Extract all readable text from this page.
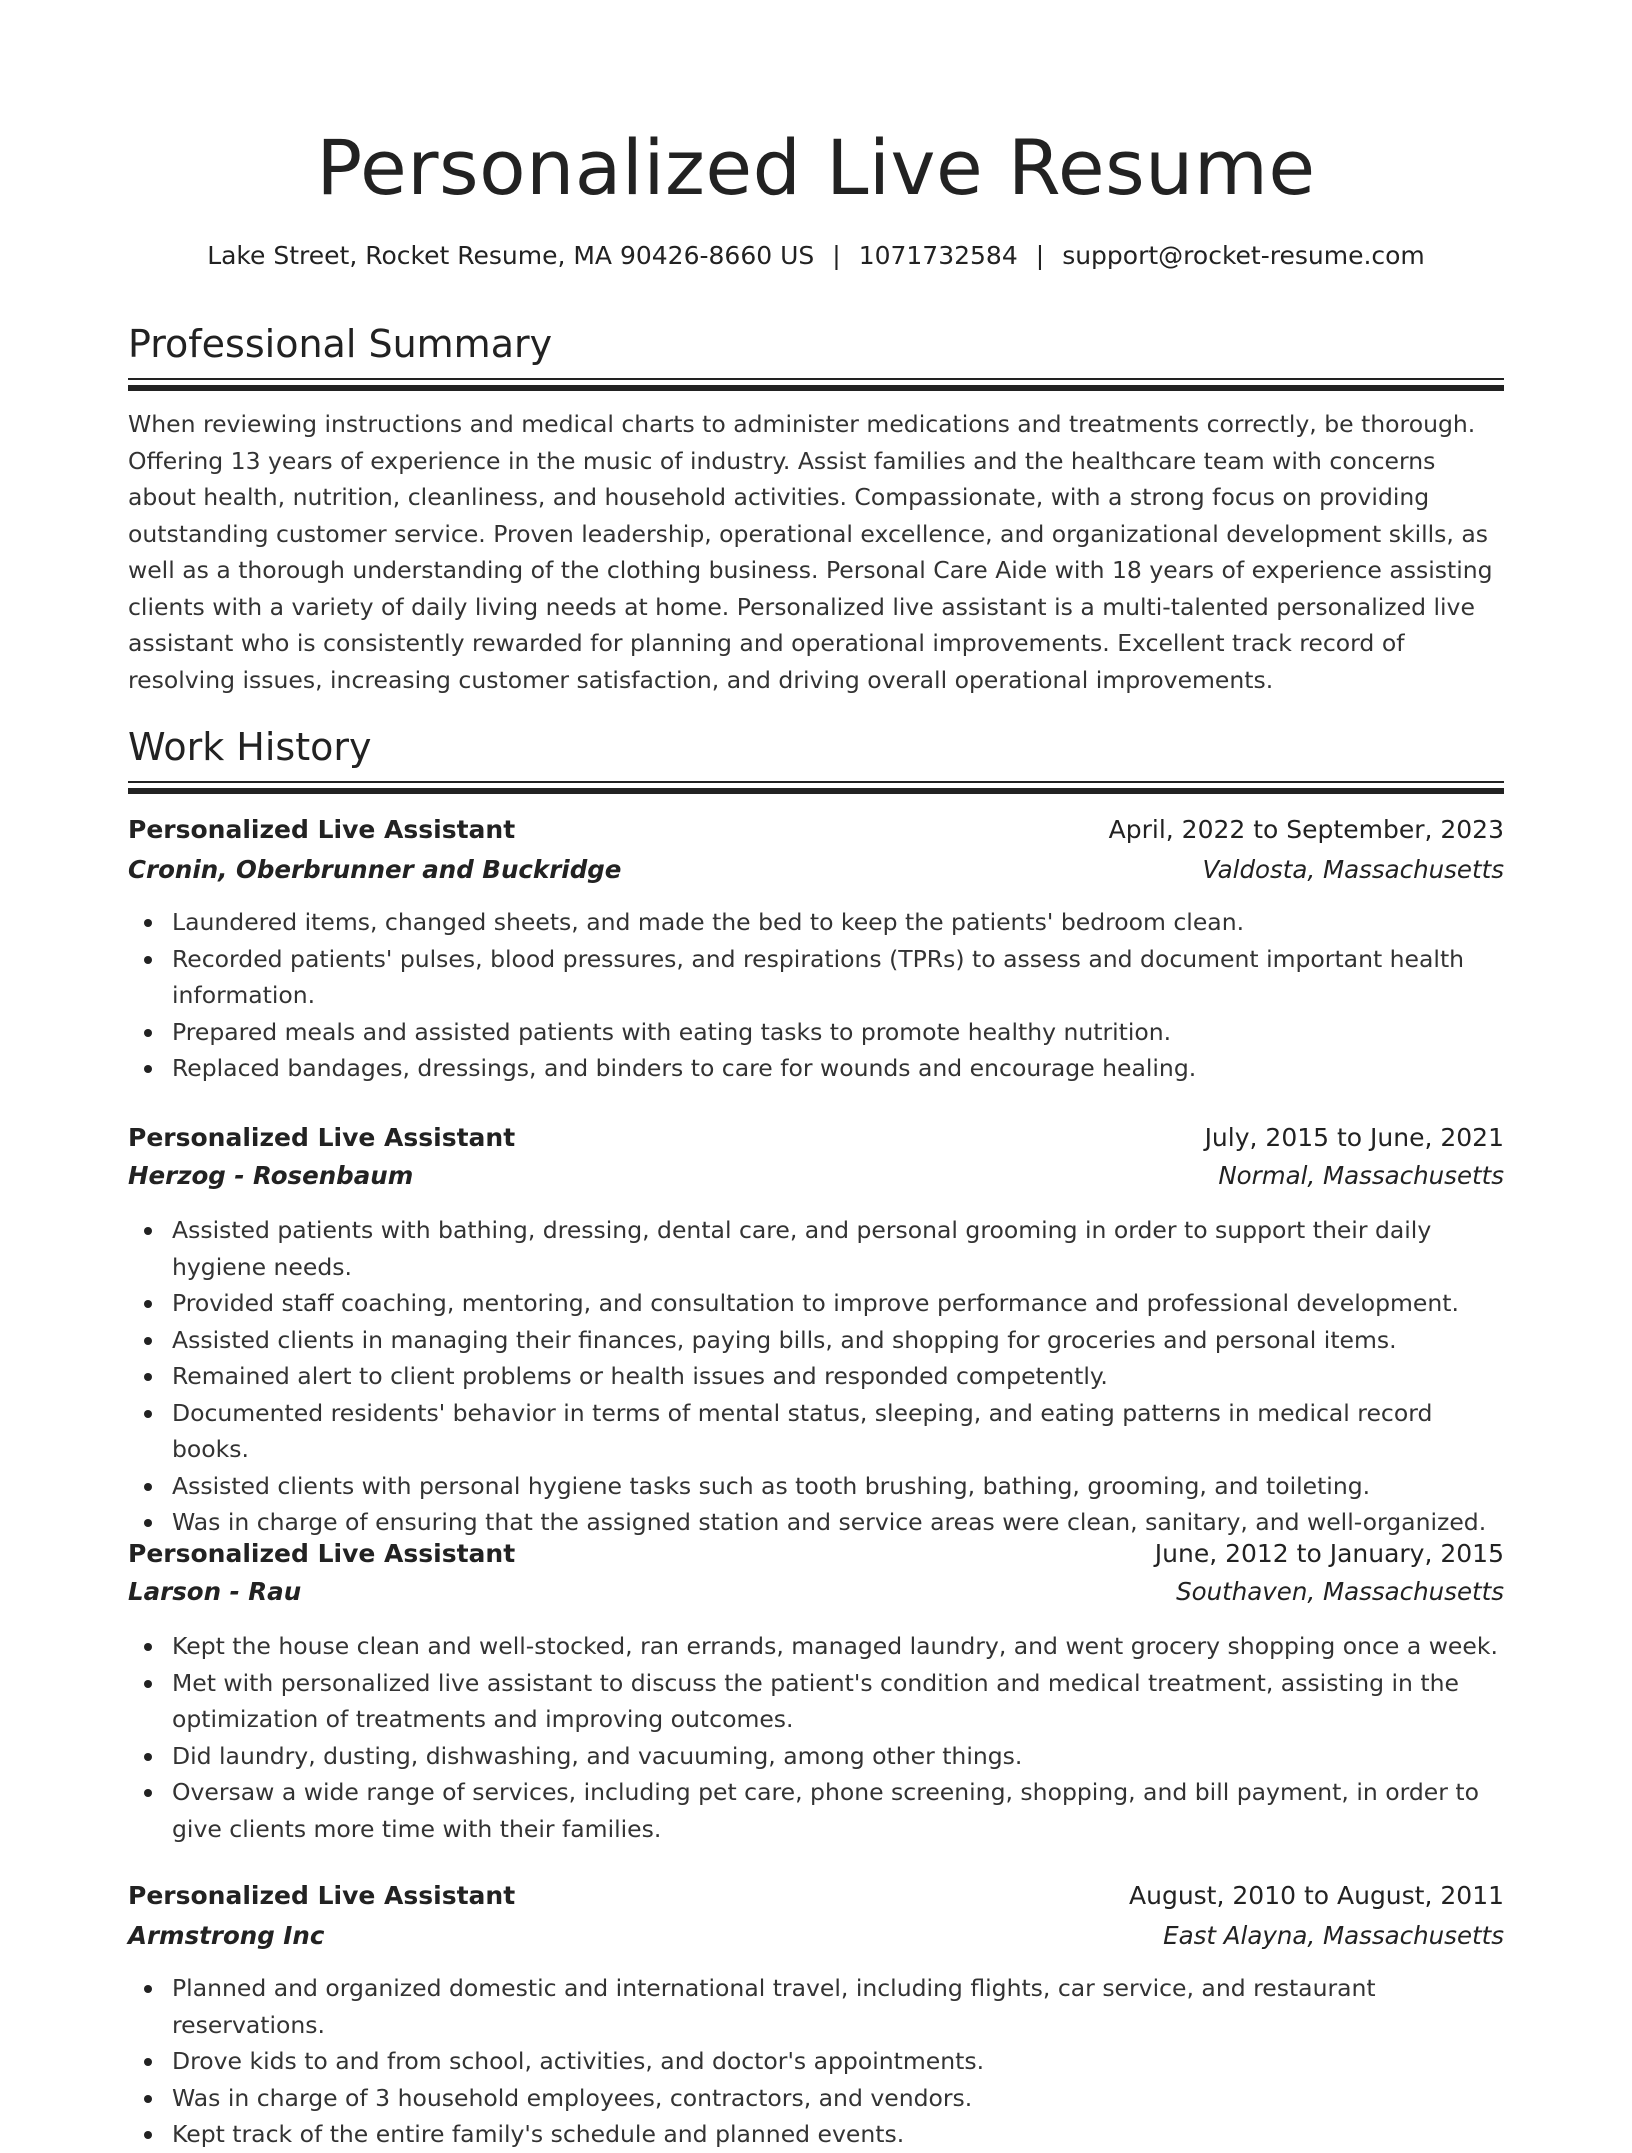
Personalized Live Resume
Lake Street, Rocket Resume, MA 90426-8660 US | 1071732584 | support@rocket-resume.com
Professional Summary

When reviewing instructions and medical charts to administer medications and treatments correctly, be thorough. Offering 13 years of experience in the music of industry. Assist families and the healthcare team with concerns about health, nutrition, cleanliness, and household activities. Compassionate, with a strong focus on providing outstanding customer service. Proven leadership, operational excellence, and organizational development skills, as well as a thorough understanding of the clothing business. Personal Care Aide with 18 years of experience assisting clients with a variety of daily living needs at home. Personalized live assistant is a multi-talented personalized live assistant who is consistently rewarded for planning and operational improvements. Excellent track record of resolving issues, increasing customer satisfaction, and driving overall operational improvements.

Work History
Personalized Live Assistant	April, 2022 to September, 2023
Cronin, Oberbrunner and Buckridge	Valdosta, Massachusetts
Laundered items, changed sheets, and made the bed to keep the patients' bedroom clean.
Recorded patients' pulses, blood pressures, and respirations (TPRs) to assess and document important health information.
Prepared meals and assisted patients with eating tasks to promote healthy nutrition.
Replaced bandages, dressings, and binders to care for wounds and encourage healing.
Personalized Live Assistant	July, 2015 to June, 2021
Herzog - Rosenbaum	Normal, Massachusetts
Assisted patients with bathing, dressing, dental care, and personal grooming in order to support their daily hygiene needs.
Provided staff coaching, mentoring, and consultation to improve performance and professional development.
Assisted clients in managing their finances, paying bills, and shopping for groceries and personal items.
Remained alert to client problems or health issues and responded competently.
Documented residents' behavior in terms of mental status, sleeping, and eating patterns in medical record books.
Assisted clients with personal hygiene tasks such as tooth brushing, bathing, grooming, and toileting.
Was in charge of ensuring that the assigned station and service areas were clean, sanitary, and well-organized.
Personalized Live Assistant	June, 2012 to January, 2015
Larson - Rau	Southaven, Massachusetts
Kept the house clean and well-stocked, ran errands, managed laundry, and went grocery shopping once a week.
Met with personalized live assistant to discuss the patient's condition and medical treatment, assisting in the optimization of treatments and improving outcomes.
Did laundry, dusting, dishwashing, and vacuuming, among other things.
Oversaw a wide range of services, including pet care, phone screening, shopping, and bill payment, in order to give clients more time with their families.
Personalized Live Assistant	August, 2010 to August, 2011
Armstrong Inc	East Alayna, Massachusetts
Planned and organized domestic and international travel, including flights, car service, and restaurant reservations.
Drove kids to and from school, activities, and doctor's appointments.
Was in charge of 3 household employees, contractors, and vendors.
Kept track of the entire family's schedule and planned events.
